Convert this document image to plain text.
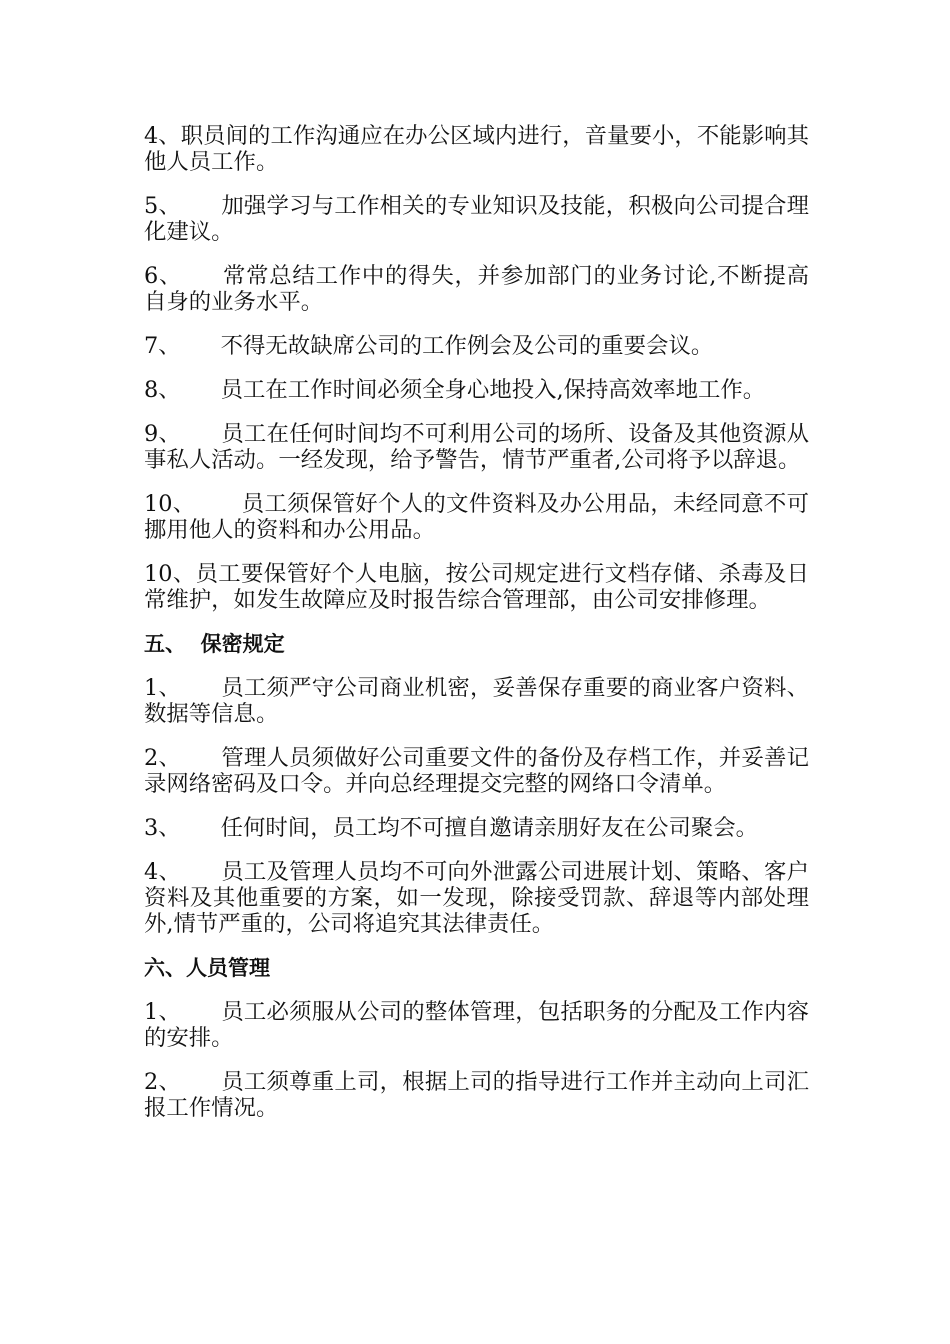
4、职员间的工作沟通应在办公区域内进行，音量要小，不能影响其他人员工作。

5、 加强学习与工作相关的专业知识及技能，积极向公司提合理化建议。

6、 常常总结工作中的得失，并参加部门的业务讨论,不断提高自身的业务水平。

7、 不得无故缺席公司的工作例会及公司的重要会议。

8、 员工在工作时间必须全身心地投入,保持高效率地工作。

9、 员工在任何时间均不可利用公司的场所、设备及其他资源从事私人活动。一经发现，给予警告，情节严重者,公司将予以辞退。

10、 员工须保管好个人的文件资料及办公用品，未经同意不可挪用他人的资料和办公用品。

10、员工要保管好个人电脑，按公司规定进行文档存储、杀毒及日常维护，如发生故障应及时报告综合管理部，由公司安排修理。

五、  保密规定

1、 员工须严守公司商业机密，妥善保存重要的商业客户资料、数据等信息。

2、 管理人员须做好公司重要文件的备份及存档工作，并妥善记录网络密码及口令。并向总经理提交完整的网络口令清单。

3、 任何时间，员工均不可擅自邀请亲朋好友在公司聚会。

4、 员工及管理人员均不可向外泄露公司进展计划、策略、客户资料及其他重要的方案，如一发现，除接受罚款、辞退等内部处理外,情节严重的，公司将追究其法律责任。

六、人员管理

1、 员工必须服从公司的整体管理，包括职务的分配及工作内容的安排。

2、 员工须尊重上司，根据上司的指导进行工作并主动向上司汇报工作情况。
